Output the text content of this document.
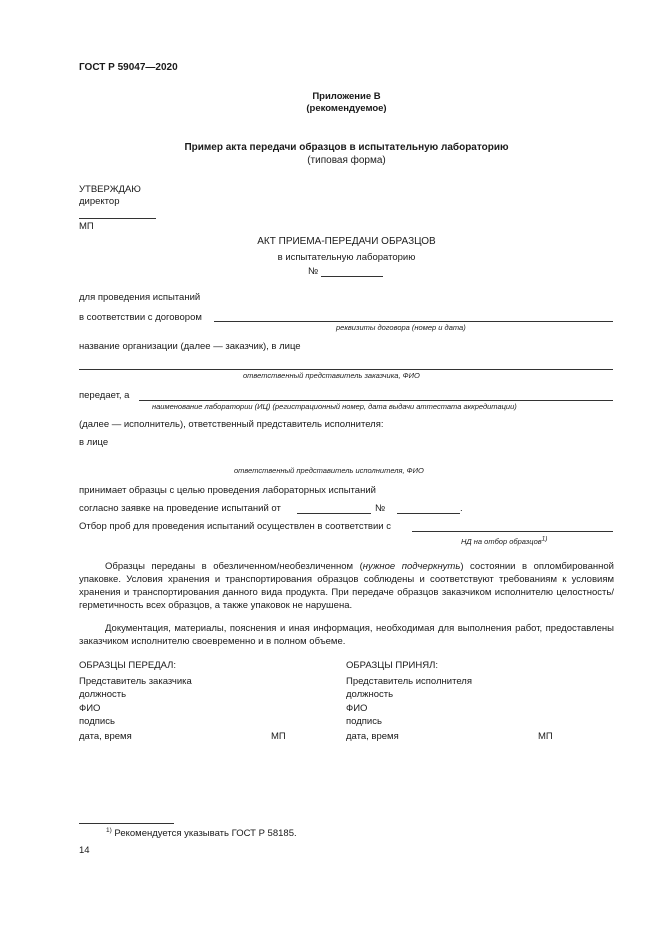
ГОСТ Р 59047—2020
Приложение В
(рекомендуемое)
Пример акта передачи образцов в испытательную лабораторию
(типовая форма)
УТВЕРЖДАЮ
директор
МП
АКТ ПРИЕМА-ПЕРЕДАЧИ ОБРАЗЦОВ
в испытательную лабораторию
№
для проведения испытаний
в соответствии с договором
реквизиты договора (номер и дата)
название организации (далее — заказчик), в лице
ответственный представитель заказчика, ФИО
передает, а
наименование лаборатории (ИЦ) (регистрационный номер, дата выдачи аттестата аккредитации)
(далее — исполнитель), ответственный представитель исполнителя:
в лице
ответственный представитель исполнителя, ФИО
принимает образцы с целью проведения лабораторных испытаний
согласно заявке на проведение испытаний от	№	.
Отбор проб для проведения испытаний осуществлен в соответствии с
НД на отбор образцов$^{1)}$
Образцы переданы в обезличенном/необезличенном (нужное подчеркнуть) состоянии в опломбированной упаковке. Условия хранения и транспортирования образцов соблюдены и соответствуют требованиям к условиям хранения и транспортирования данного вида продукта. При передаче образцов заказчиком исполнителю целостность/герметичность всех образцов, а также упаковок не нарушена.
Документация, материалы, пояснения и иная информация, необходимая для выполнения работ, предоставлены заказчиком исполнителю своевременно и в полном объеме.
ОБРАЗЦЫ ПЕРЕДАЛ:
Представитель заказчика
должность
ФИО
подпись
дата, время	МП
ОБРАЗЦЫ ПРИНЯЛ:
Представитель исполнителя
должность
ФИО
подпись
дата, время	МП
$^{1)}$ Рекомендуется указывать ГОСТ Р 58185.
14
